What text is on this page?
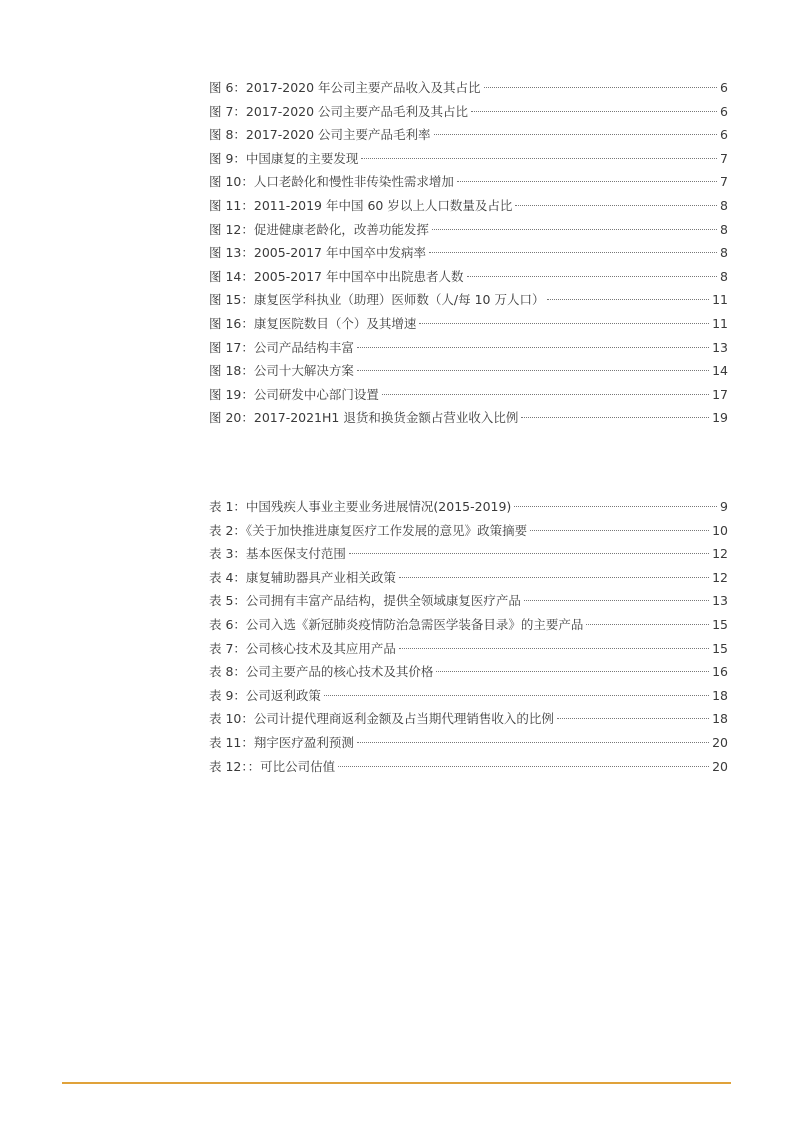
图 6：2017-2020 年公司主要产品收入及其占比	6
图 7：2017-2020 公司主要产品毛利及其占比	6
图 8：2017-2020 公司主要产品毛利率	6
图 9：中国康复的主要发现	7
图 10：人口老龄化和慢性非传染性需求增加	7
图 11：2011-2019 年中国 60 岁以上人口数量及占比	8
图 12：促进健康老龄化，改善功能发挥	8
图 13：2005-2017 年中国卒中发病率	8
图 14：2005-2017 年中国卒中出院患者人数	8
图 15：康复医学科执业（助理）医师数（人/每 10 万人口）	11
图 16：康复医院数目（个）及其增速	11
图 17：公司产品结构丰富	13
图 18：公司十大解决方案	14
图 19：公司研发中心部门设置	17
图 20：2017-2021H1 退货和换货金额占营业收入比例	19
表 1：中国残疾人事业主要业务进展情况(2015-2019)	9
表 2：《关于加快推进康复医疗工作发展的意见》政策摘要	10
表 3：基本医保支付范围	12
表 4：康复辅助器具产业相关政策	12
表 5：公司拥有丰富产品结构，提供全领域康复医疗产品	13
表 6：公司入选《新冠肺炎疫情防治急需医学装备目录》的主要产品	15
表 7：公司核心技术及其应用产品	15
表 8：公司主要产品的核心技术及其价格	16
表 9：公司返利政策	18
表 10：公司计提代理商返利金额及占当期代理销售收入的比例	18
表 11：翔宇医疗盈利预测	20
表 12：：可比公司估值	20
